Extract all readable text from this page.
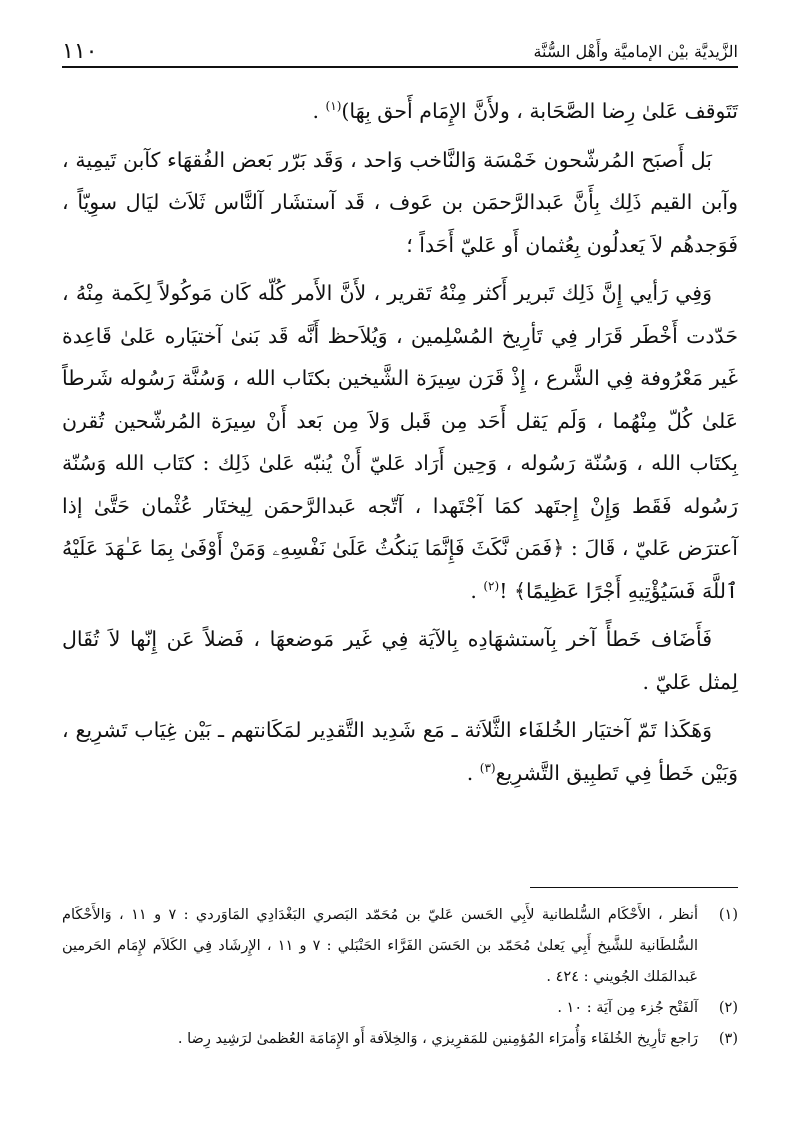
الزَّيديَّة بيْن الإماميَّة وأَهْل السُّنَّة
١١٠

تَتَوقف عَلىٰ رِضا الصَّحَابة ، ولأَنَّ الإِمَام أَحق بِهَا)$^{(١)}$ .

بَل أَصبَح المُرشّحون خَمْسَة وَالنَّاخب وَاحد ، وَقَد بَرّر بَعض الفُقهَاء كآبن تَيمِية ، وآبن القيم ذَلِك بِأَنَّ عَبدالرَّحمَن بن عَوف ، قَد آستشَار آلنَّاس ثَلاَث ليَال سوِيّاً ، فَوَجدهُم لاَ يَعدلُون بِعُثمان أَو عَليّ أَحَداً ؛

وَفِي رَأيي إِنَّ ذَلِك تَبرير أَكثر مِنْهُ تَقرير ، لأَنَّ الأَمر كُلّه كَان مَوكُولاً لِكَمة مِنْهُ ، حَدّدت أَخْطَر قَرَار فِي تَأرِيخ المُسْلِمين ، وَيُلاَحظ أَنَّه قَد بَنىٰ آختيَاره عَلىٰ قَاعِدة غَير مَعْرُوفة فِي الشَّرع ، إِذْ قَرَن سِيرَة الشَّيخين بكتَاب الله ، وَسُنَّة رَسُوله شَرطاً عَلىٰ كُلّ مِنْهُما ، وَلَم يَقل أَحَد مِن قَبل وَلاَ مِن بَعد أَنْ سِيرَة المُرشّحين تُقرن بِكتَاب الله ، وَسُنّة رَسُوله ، وَحِين أَرَاد عَليّ أَنْ يُنبّه عَلىٰ ذَلِك : كتَاب الله وَسُنّة رَسُوله فَقَط وَإِنْ إِجتَهد كمَا آجْتَهدا ، آتّجه عَبدالرَّحمَن لِيختَار عُثْمان حَتَّىٰ إذا آعترَض عَليّ ، قَالَ : ﴿فَمَن نَّكَثَ فَإِنَّمَا يَنكُثُ عَلَىٰ نَفْسِهِۦ وَمَنْ أَوْفَىٰ بِمَا عَـٰهَدَ عَلَيْهُ ٱللَّهَ فَسَيُؤْتِيهِ أَجْرًا عَظِيمًا﴾ !$^{(٢)}$ .

فَأَضَاف خَطأً آخر بِآستشهَادِه بِالآيَة فِي غَير مَوضعهَا ، فَضلاً عَن إِنّها لاَ تُقَال لِمثل عَليّ .

وَهَكَذا تَمّ آختيَار الخُلفَاء الثَّلاَثة ـ مَع شَدِيد التَّقدِير لمَكَانتهم ـ بَيْن غِيَاب تَشرِيع ، وَبَيْن خَطأ فِي تَطبِيق التَّشرِيع$^{(٣)}$ .

(١)
أنظر ، الأَحْكَام السُّلطانية لأَبِي الحَسن عَليّ بن مُحَمّد البَصري البَغْدَادِي المَاوَردي : ٧ و ١١ ، وَالأَحْكَام السُّلطَانية للشَّيخ أَبِي يَعلىٰ مُحَمّد بن الحَسَن الفَرَّاء الحَنْبَلي : ٧ و ١١ ، الإِرشَاد فِي الكَلاَم لإِمَام الحَرمين عَبدالمَلك الجُويني : ٤٢٤ .

(٢)
آلفَتْح جُزء مِن آيَة : ١٠ .

(٣)
رَاجع تَأرِيخ الخُلفَاء وَأُمرَاء المُؤمِنين للمَقرِيزي ، وَالخِلاَفة أَو الإِمَامَة العُظمىٰ لرَشِيد رِضا .
